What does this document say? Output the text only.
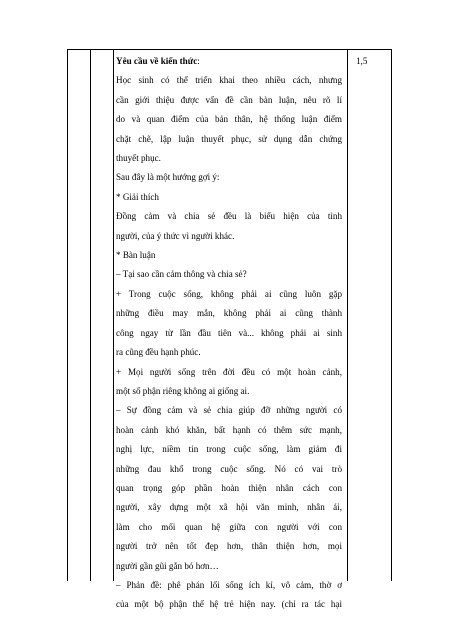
Yêu cầu về kiến thức:

Học sinh có thể triển khai theo nhiều cách, nhưng

cần giới thiệu được vấn đề cần bàn luận, nêu rõ lí

do và quan điểm của bản thân, hệ thống luận điểm

chặt chẽ, lập luận thuyết phục, sử dụng dẫn chứng

thuyết phục.

Sau đây là một hướng gợi ý:

* Giải thích

Đồng cảm và chia sẻ đều là biểu hiện của tình

người, của ý thức vì người khác.

* Bàn luận

– Tại sao cần cảm thông và chia sẻ?

+ Trong cuộc sống, không phải ai cũng luôn gặp

những điều may mắn, không phải ai cũng thành

công ngay từ lần đầu tiên và... không phải ai sinh

ra cũng đều hạnh phúc.

+ Mọi người sống trên đời đều có một hoàn cảnh,

một số phận riêng không ai giống ai.

– Sự đồng cảm và sẻ chia giúp đỡ những người có

hoàn cảnh khó khăn, bất hạnh có thêm sức mạnh,

nghị lực, niềm tin trong cuộc sống, làm giảm đi

những đau khổ trong cuộc sống. Nó có vai trò

quan trọng góp phần hoàn thiện nhân cách con

người, xây dựng một xã hội văn minh, nhân ái,

làm cho mối quan hệ giữa con người với con

người trở nên tốt đẹp hơn, thân thiện hơn, mọi

người gần gũi gắn bó hơn…

– Phản đề: phê phán lối sống ích kỉ, vô cảm, thờ ơ

của một bộ phận thế hệ trẻ hiện nay. (chỉ ra tác hại

1,5
